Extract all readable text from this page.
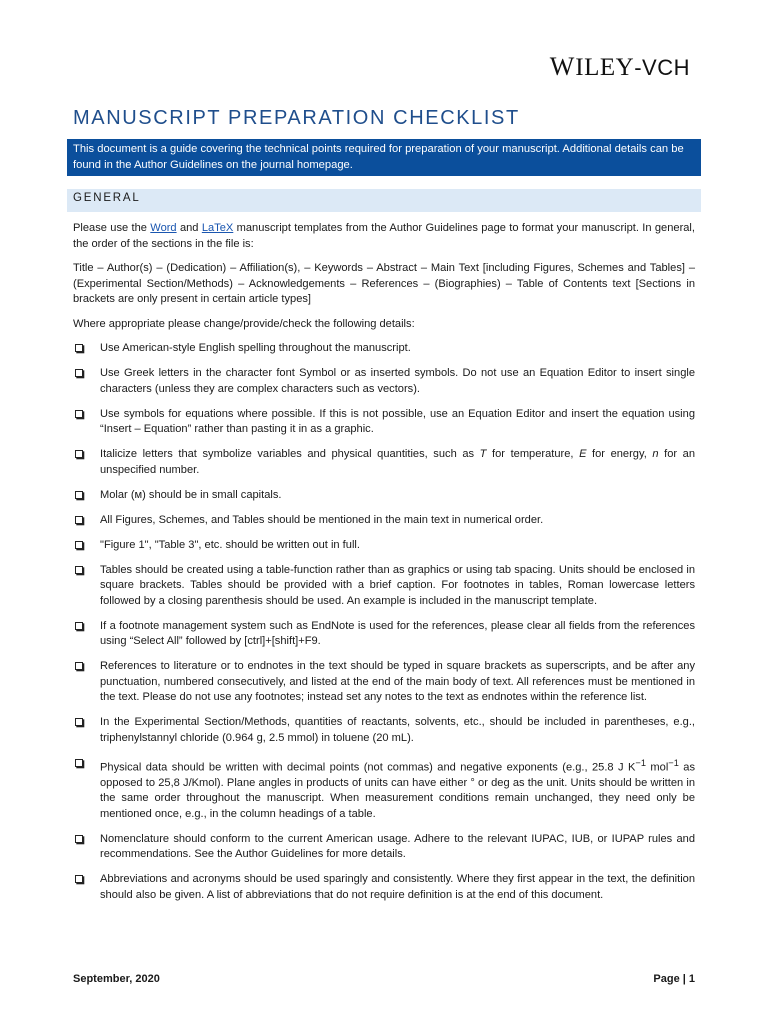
WILEY-VCH
MANUSCRIPT PREPARATION CHECKLIST
This document is a guide covering the technical points required for preparation of your manuscript. Additional details can be found in the Author Guidelines on the journal homepage.
GENERAL

Please use the Word and LaTeX manuscript templates from the Author Guidelines page to format your manuscript. In general, the order of the sections in the file is:

Title – Author(s) – (Dedication) – Affiliation(s), – Keywords – Abstract – Main Text [including Figures, Schemes and Tables] – (Experimental Section/Methods) – Acknowledgements – References – (Biographies) – Table of Contents text [Sections in brackets are only present in certain article types]

Where appropriate please change/provide/check the following details:

Use American-style English spelling throughout the manuscript.
Use Greek letters in the character font Symbol or as inserted symbols. Do not use an Equation Editor to insert single characters (unless they are complex characters such as vectors).
Use symbols for equations where possible. If this is not possible, use an Equation Editor and insert the equation using “Insert – Equation” rather than pasting it in as a graphic.
Italicize letters that symbolize variables and physical quantities, such as T for temperature, E for energy, n for an unspecified number.
Molar (ᴍ) should be in small capitals.
All Figures, Schemes, and Tables should be mentioned in the main text in numerical order.
"Figure 1", "Table 3", etc. should be written out in full.
Tables should be created using a table-function rather than as graphics or using tab spacing. Units should be enclosed in square brackets. Tables should be provided with a brief caption. For footnotes in tables, Roman lowercase letters followed by a closing parenthesis should be used. An example is included in the manuscript template.
If a footnote management system such as EndNote is used for the references, please clear all fields from the references using “Select All” followed by [ctrl]+[shift]+F9.
References to literature or to endnotes in the text should be typed in square brackets as superscripts, and be after any punctuation, numbered consecutively, and listed at the end of the main body of text. All references must be mentioned in the text. Please do not use any footnotes; instead set any notes to the text as endnotes within the reference list.
In the Experimental Section/Methods, quantities of reactants, solvents, etc., should be included in parentheses, e.g., triphenylstannyl chloride (0.964 g, 2.5 mmol) in toluene (20 mL).
Physical data should be written with decimal points (not commas) and negative exponents (e.g., 25.8 J $K^{-1}$ mol$^{-1}$ as opposed to 25,8 J/Kmol). Plane angles in products of units can have either ° or deg as the unit. Units should be written in the same order throughout the manuscript. When measurement conditions remain unchanged, they need only be mentioned once, e.g., in the column headings of a table.
Nomenclature should conform to the current American usage. Adhere to the relevant IUPAC, IUB, or IUPAP rules and recommendations. See the Author Guidelines for more details.
Abbreviations and acronyms should be used sparingly and consistently. Where they first appear in the text, the definition should also be given. A list of abbreviations that do not require definition is at the end of this document.
September, 2020	Page | 1
